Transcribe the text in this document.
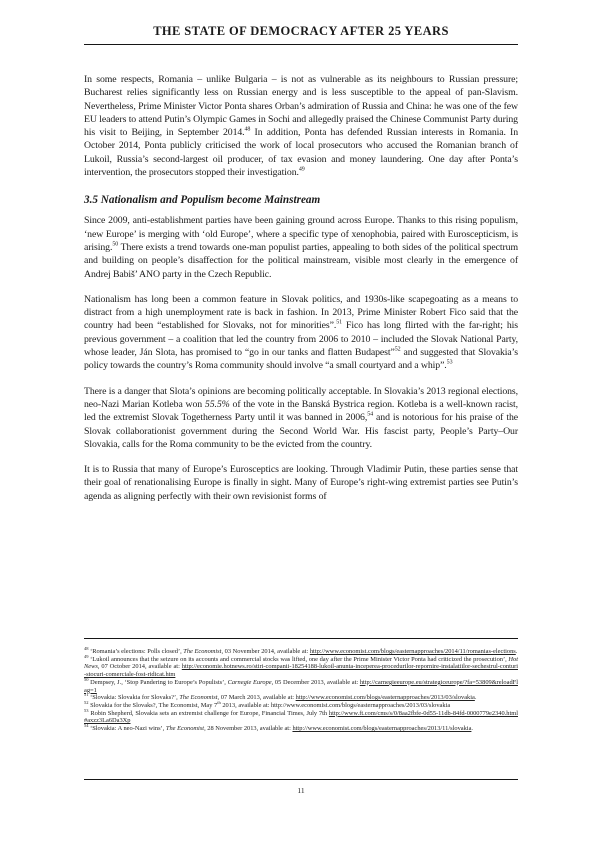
THE STATE OF DEMOCRACY AFTER 25 YEARS

In some respects, Romania – unlike Bulgaria – is not as vulnerable as its neighbours to Russian pressure; Bucharest relies significantly less on Russian energy and is less susceptible to the appeal of pan-Slavism. Nevertheless, Prime Minister Victor Ponta shares Orban’s admiration of Russia and China: he was one of the few EU leaders to attend Putin’s Olympic Games in Sochi and allegedly praised the Chinese Communist Party during his visit to Beijing, in September 2014.48 In addition, Ponta has defended Russian interests in Romania. In October 2014, Ponta publicly criticised the work of local prosecutors who accused the Romanian branch of Lukoil, Russia’s second-largest oil producer, of tax evasion and money laundering. One day after Ponta’s intervention, the prosecutors stopped their investigation.$^{49}$

3.5 Nationalism and Populism become Mainstream

Since 2009, anti-establishment parties have been gaining ground across Europe. Thanks to this rising populism, ‘new Europe’ is merging with ‘old Europe’, where a specific type of xenophobia, paired with Euroscepticism, is arising.$^{50}$ There exists a trend towards one-man populist parties, appealing to both sides of the political spectrum and building on people’s disaffection for the political mainstream, visible most clearly in the emergence of Andrej Babiš’ ANO party in the Czech Republic.

Nationalism has long been a common feature in Slovak politics, and 1930s-like scapegoating as a means to distract from a high unemployment rate is back in fashion. In 2013, Prime Minister Robert Fico said that the country had been “established for Slovaks, not for minorities”.$^{51}$ Fico has long flirted with the far-right; his previous government – a coalition that led the country from 2006 to 2010 – included the Slovak National Party, whose leader, Ján Slota, has promised to “go in our tanks and flatten Budapest”$^{52}$ and suggested that Slovakia’s policy towards the country’s Roma community should involve “a small courtyard and a whip”.$^{53}$

There is a danger that Slota’s opinions are becoming politically acceptable. In Slovakia’s 2013 regional elections, neo-Nazi Marian Kotleba won 55.5% of the vote in the Banská Bystrica region. Kotleba is a well-known racist, led the extremist Slovak Togetherness Party until it was banned in 2006,54 and is notorious for his praise of the Slovak collaborationist government during the Second World War. His fascist party, People’s Party–Our Slovakia, calls for the Roma community to be the evicted from the country.

It is to Russia that many of Europe’s Eurosceptics are looking. Through Vladimir Putin, these parties sense that their goal of renationalising Europe is finally in sight. Many of Europe’s right-wing extremist parties see Putin’s agenda as aligning perfectly with their own revisionist forms of

$^{48}$ ‘Romania’s elections: Polls closed’, The Economist, 03 November 2014, available at: http://www.economist.com/blogs/easternapproaches/2014/11/romanias-elections.

$^{49}$ ‘Lukoil announces that the seizure on its accounts and commercial stocks was lifted, one day after the Prime Minister Victor Ponta had criticized the prosecution’, Hot News, 07 October 2014, available at: http://economie.hotnews.ro/stiri-companii-18254188-lukoil-anunta-inceperea-procedurilor-repornire-instalatiilor-sechestrul-conturi-stocuri-comerciale-fost-ridicat.htm

$^{50}$ Dempsey, J., ‘Stop Pandering to Europe’s Populists’, Carnegie Europe, 05 December 2013, available at: http://carnegieeurope.eu/strategiceurope/?fa=53809&reloadFlag=1

$^{51}$ ‘Slovakia: Slovakia for Slovaks?’, The Economist, 07 March 2013, available at: http://www.economist.com/blogs/easternapproaches/2013/03/slovakia.

$^{52}$ Slovakia for the Slovaks?, The Economist, May 7th 2013, available at: http://www.economist.com/blogs/easternapproaches/2013/03/slovakia

$^{53}$ Robin Shepherd, Slovakia sets an extremist challenge for Europe, Financial Times, July 7th http://www.ft.com/cms/s/0/8aa2fbfe-0d55-11db-84fd-0000779e2340.html#axzz3La6Da3Xp

$^{54}$ ‘Slovakia: A neo-Nazi wins’, The Economist, 28 November 2013, available at: http://www.economist.com/blogs/easternapproaches/2013/11/slovakia.

11
